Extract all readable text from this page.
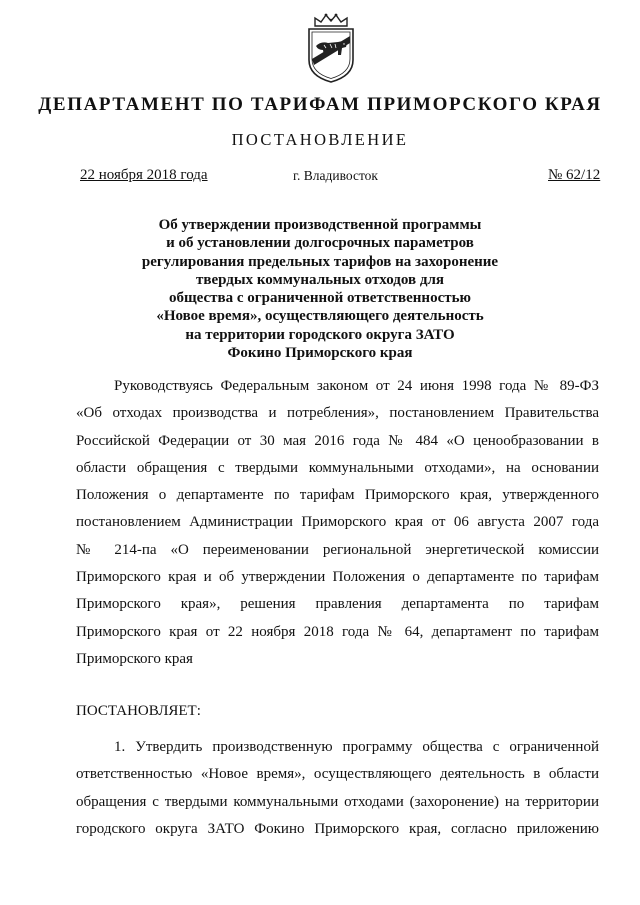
ДЕПАРТАМЕНТ ПО ТАРИФАМ ПРИМОРСКОГО КРАЯ
ПОСТАНОВЛЕНИЕ
22 ноября 2018 года	г. Владивосток	№ 62/12
Об утверждении производственной программы
и об установлении долгосрочных параметров
регулирования предельных тарифов на захоронение
твердых коммунальных отходов для
общества с ограниченной ответственностью
«Новое время», осуществляющего деятельность
на территории городского округа ЗАТО
Фокино Приморского края
Руководствуясь Федеральным законом от 24 июня 1998 года № 89-ФЗ
«Об отходах производства и потребления», постановлением Правительства
Российской Федерации от 30 мая 2016 года № 484 «О ценообразовании в
области обращения с твердыми коммунальными отходами», на основании
Положения о департаменте по тарифам Приморского края, утвержденного
постановлением Администрации Приморского края от 06 августа 2007 года
№ 214-па «О переименовании региональной энергетической комиссии
Приморского края и об утверждении Положения о департаменте по тарифам
Приморского края», решения правления департамента по тарифам
Приморского края от 22 ноября 2018 года № 64, департамент по тарифам
Приморского края
ПОСТАНОВЛЯЕТ:
1. Утвердить производственную программу общества с ограниченной
ответственностью «Новое время», осуществляющего деятельность в области
обращения с твердыми коммунальными отходами (захоронение) на территории
городского округа ЗАТО Фокино Приморского края, согласно приложению
